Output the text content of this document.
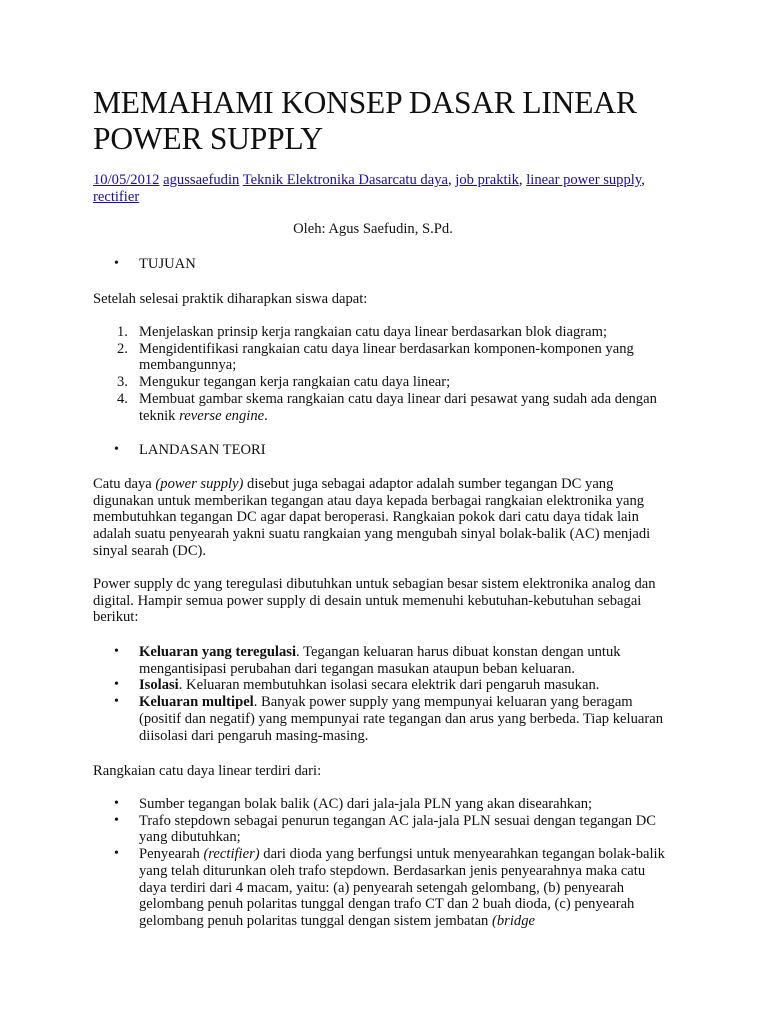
MEMAHAMI KONSEP DASAR LINEAR POWER SUPPLY
10/05/2012 agussaefudin Teknik Elektronika Dasarcatu daya, job praktik, linear power supply, rectifier
Oleh: Agus Saefudin, S.Pd.
• TUJUAN
Setelah selesai praktik diharapkan siswa dapat:
1. Menjelaskan prinsip kerja rangkaian catu daya linear berdasarkan blok diagram;
2. Mengidentifikasi rangkaian catu daya linear berdasarkan komponen-komponen yang membangunnya;
3. Mengukur tegangan kerja rangkaian catu daya linear;
4. Membuat gambar skema rangkaian catu daya linear dari pesawat yang sudah ada dengan teknik reverse engine.
• LANDASAN TEORI
Catu daya (power supply) disebut juga sebagai adaptor adalah sumber tegangan DC yang digunakan untuk memberikan tegangan atau daya kepada berbagai rangkaian elektronika yang membutuhkan tegangan DC agar dapat beroperasi. Rangkaian pokok dari catu daya tidak lain adalah suatu penyearah yakni suatu rangkaian yang mengubah sinyal bolak-balik (AC) menjadi sinyal searah (DC).
Power supply dc yang teregulasi dibutuhkan untuk sebagian besar sistem elektronika analog dan digital. Hampir semua power supply di desain untuk memenuhi kebutuhan-kebutuhan sebagai berikut:
• Keluaran yang teregulasi. Tegangan keluaran harus dibuat konstan dengan untuk mengantisipasi perubahan dari tegangan masukan ataupun beban keluaran.
• Isolasi. Keluaran membutuhkan isolasi secara elektrik dari pengaruh masukan.
• Keluaran multipel. Banyak power supply yang mempunyai keluaran yang beragam (positif dan negatif) yang mempunyai rate tegangan dan arus yang berbeda. Tiap keluaran diisolasi dari pengaruh masing-masing.
Rangkaian catu daya linear terdiri dari:
• Sumber tegangan bolak balik (AC) dari jala-jala PLN yang akan disearahkan;
• Trafo stepdown sebagai penurun tegangan AC jala-jala PLN sesuai dengan tegangan DC yang dibutuhkan;
• Penyearah (rectifier) dari dioda yang berfungsi untuk menyearahkan tegangan bolak-balik yang telah diturunkan oleh trafo stepdown. Berdasarkan jenis penyearahnya maka catu daya terdiri dari 4 macam, yaitu: (a) penyearah setengah gelombang, (b) penyearah gelombang penuh polaritas tunggal dengan trafo CT dan 2 buah dioda, (c) penyearah gelombang penuh polaritas tunggal dengan sistem jembatan (bridge
